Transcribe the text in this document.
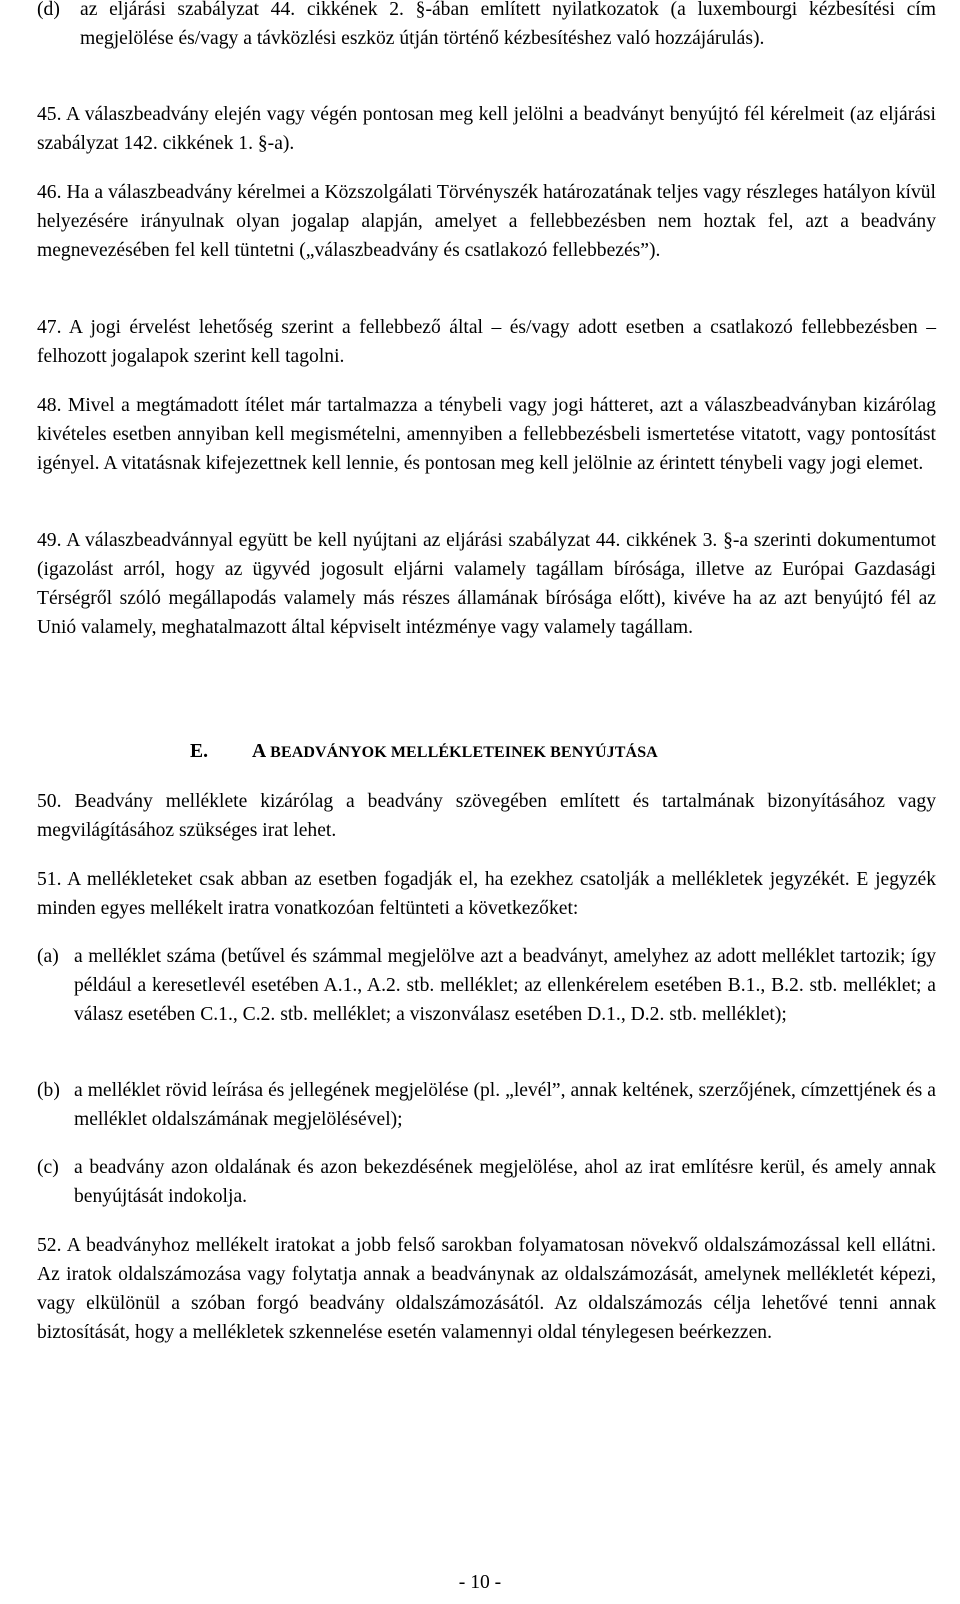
(d) az eljárási szabályzat 44. cikkének 2. §-ában említett nyilatkozatok (a luxembourgi kézbesítési cím megjelölése és/vagy a távközlési eszköz útján történő kézbesítéshez való hozzájárulás).
45. A válaszbeadvány elején vagy végén pontosan meg kell jelölni a beadványt benyújtó fél kérelmeit (az eljárási szabályzat 142. cikkének 1. §-a).
46. Ha a válaszbeadvány kérelmei a Közszolgálati Törvényszék határozatának teljes vagy részleges hatályon kívül helyezésére irányulnak olyan jogalap alapján, amelyet a fellebbezésben nem hoztak fel, azt a beadvány megnevezésében fel kell tüntetni („válaszbeadvány és csatlakozó fellebbezés”).
47. A jogi érvelést lehetőség szerint a fellebbező által – és/vagy adott esetben a csatlakozó fellebbezésben – felhozott jogalapok szerint kell tagolni.
48. Mivel a megtámadott ítélet már tartalmazza a ténybeli vagy jogi hátteret, azt a válaszbeadványban kizárólag kivételes esetben annyiban kell megismételni, amennyiben a fellebbezésbeli ismertetése vitatott, vagy pontosítást igényel. A vitatásnak kifejezettnek kell lennie, és pontosan meg kell jelölnie az érintett ténybeli vagy jogi elemet.
49. A válaszbeadvánnyal együtt be kell nyújtani az eljárási szabályzat 44. cikkének 3. §-a szerinti dokumentumot (igazolást arról, hogy az ügyvéd jogosult eljárni valamely tagállam bírósága, illetve az Európai Gazdasági Térségről szóló megállapodás valamely más részes államának bírósága előtt), kivéve ha az azt benyújtó fél az Unió valamely, meghatalmazott által képviselt intézménye vagy valamely tagállam.
E. A BEADVÁNYOK MELLÉKLETEINEK BENYÚJTÁSA
50. Beadvány melléklete kizárólag a beadvány szövegében említett és tartalmának bizonyításához vagy megvilágításához szükséges irat lehet.
51. A mellékleteket csak abban az esetben fogadják el, ha ezekhez csatolják a mellékletek jegyzékét. E jegyzék minden egyes mellékelt iratra vonatkozóan feltünteti a következőket:
(a) a melléklet száma (betűvel és számmal megjelölve azt a beadványt, amelyhez az adott melléklet tartozik; így például a keresetlevél esetében A.1., A.2. stb. melléklet; az ellenkérelem esetében B.1., B.2. stb. melléklet; a válasz esetében C.1., C.2. stb. melléklet; a viszonválasz esetében D.1., D.2. stb. melléklet);
(b) a melléklet rövid leírása és jellegének megjelölése (pl. „levél”, annak keltének, szerzőjének, címzettjének és a melléklet oldalszámának megjelölésével);
(c) a beadvány azon oldalának és azon bekezdésének megjelölése, ahol az irat említésre kerül, és amely annak benyújtását indokolja.
52. A beadványhoz mellékelt iratokat a jobb felső sarokban folyamatosan növekvő oldalszámozással kell ellátni. Az iratok oldalszámozása vagy folytatja annak a beadványnak az oldalszámozását, amelynek mellékletét képezi, vagy elkülönül a szóban forgó beadvány oldalszámozásától. Az oldalszámozás célja lehetővé tenni annak biztosítását, hogy a mellékletek szkennelése esetén valamennyi oldal ténylegesen beérkezzen.

- 10 -
